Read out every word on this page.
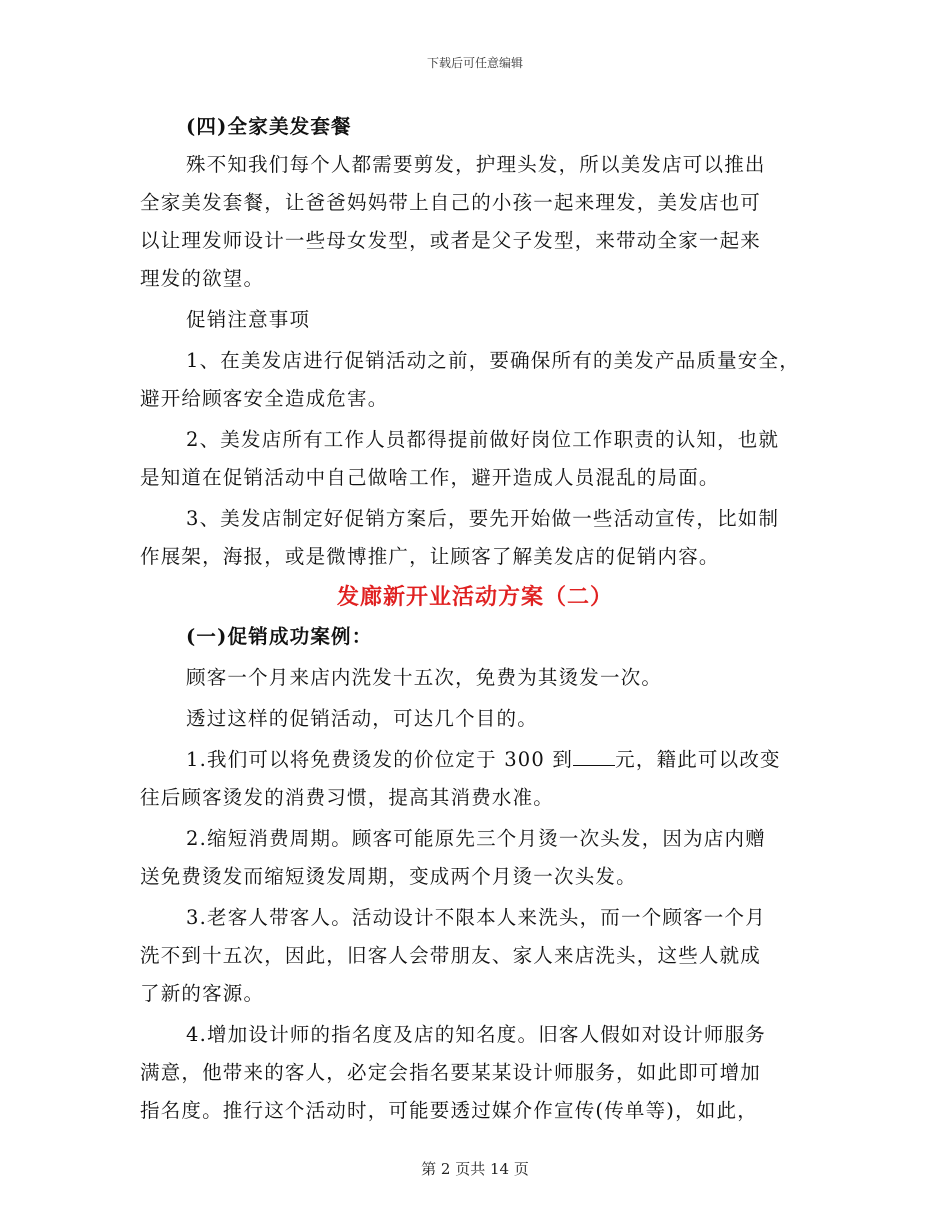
下载后可任意编辑
(四)全家美发套餐
殊不知我们每个人都需要剪发，护理头发，所以美发店可以推出
全家美发套餐，让爸爸妈妈带上自己的小孩一起来理发，美发店也可
以让理发师设计一些母女发型，或者是父子发型，来带动全家一起来
理发的欲望。
促销注意事项
1、在美发店进行促销活动之前，要确保所有的美发产品质量安全，
避开给顾客安全造成危害。
2、美发店所有工作人员都得提前做好岗位工作职责的认知，也就
是知道在促销活动中自己做啥工作，避开造成人员混乱的局面。
3、美发店制定好促销方案后，要先开始做一些活动宣传，比如制
作展架，海报，或是微博推广，让顾客了解美发店的促销内容。
发廊新开业活动方案（二）
(一)促销成功案例：
顾客一个月来店内洗发十五次，免费为其烫发一次。
透过这样的促销活动，可达几个目的。
1.我们可以将免费烫发的价位定于 300 到 元，籍此可以改变
往后顾客烫发的消费习惯，提高其消费水准。
2.缩短消费周期。顾客可能原先三个月烫一次头发，因为店内赠
送免费烫发而缩短烫发周期，变成两个月烫一次头发。
3.老客人带客人。活动设计不限本人来洗头，而一个顾客一个月
洗不到十五次，因此，旧客人会带朋友、家人来店洗头，这些人就成
了新的客源。
4.增加设计师的指名度及店的知名度。旧客人假如对设计师服务
满意，他带来的客人，必定会指名要某某设计师服务，如此即可增加
指名度。推行这个活动时，可能要透过媒介作宣传(传单等)，如此，
第 2 页共 14 页
